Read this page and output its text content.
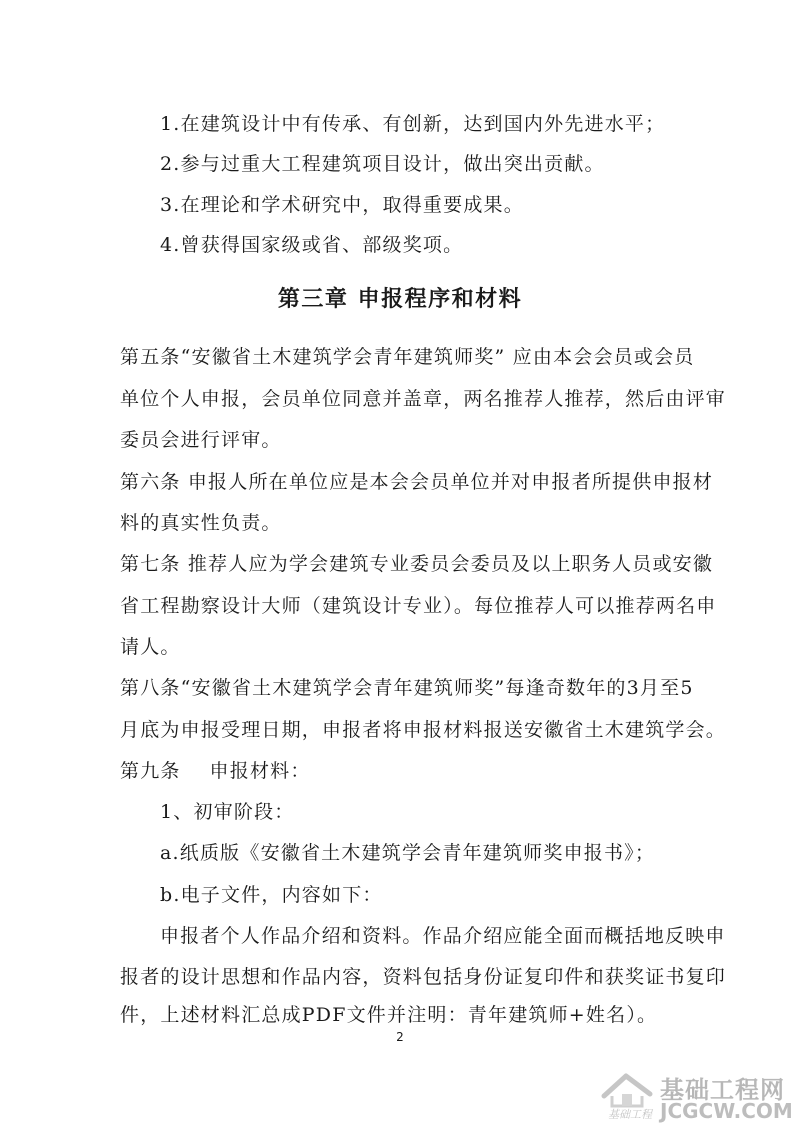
1.在建筑设计中有传承、有创新，达到国内外先进水平；
2.参与过重大工程建筑项目设计，做出突出贡献。
3.在理论和学术研究中，取得重要成果。
4.曾获得国家级或省、部级奖项。
第三章 申报程序和材料
第五条“安徽省土木建筑学会青年建筑师奖” 应由本会会员或会员
单位个人申报，会员单位同意并盖章，两名推荐人推荐，然后由评审
委员会进行评审。
第六条 申报人所在单位应是本会会员单位并对申报者所提供申报材
料的真实性负责。
第七条 推荐人应为学会建筑专业委员会委员及以上职务人员或安徽
省工程勘察设计大师（建筑设计专业）。每位推荐人可以推荐两名申
请人。
第八条“安徽省土木建筑学会青年建筑师奖”每逢奇数年的3月至5
月底为申报受理日期，申报者将申报材料报送安徽省土木建筑学会。
第九条    申报材料：
1、初审阶段：
a.纸质版《安徽省土木建筑学会青年建筑师奖申报书》；
b.电子文件，内容如下：
申报者个人作品介绍和资料。作品介绍应能全面而概括地反映申
报者的设计思想和作品内容，资料包括身份证复印件和获奖证书复印
件，上述材料汇总成PDF文件并注明：青年建筑师+姓名）。
2
基础工程网
JCGCW.COM
基础工程
